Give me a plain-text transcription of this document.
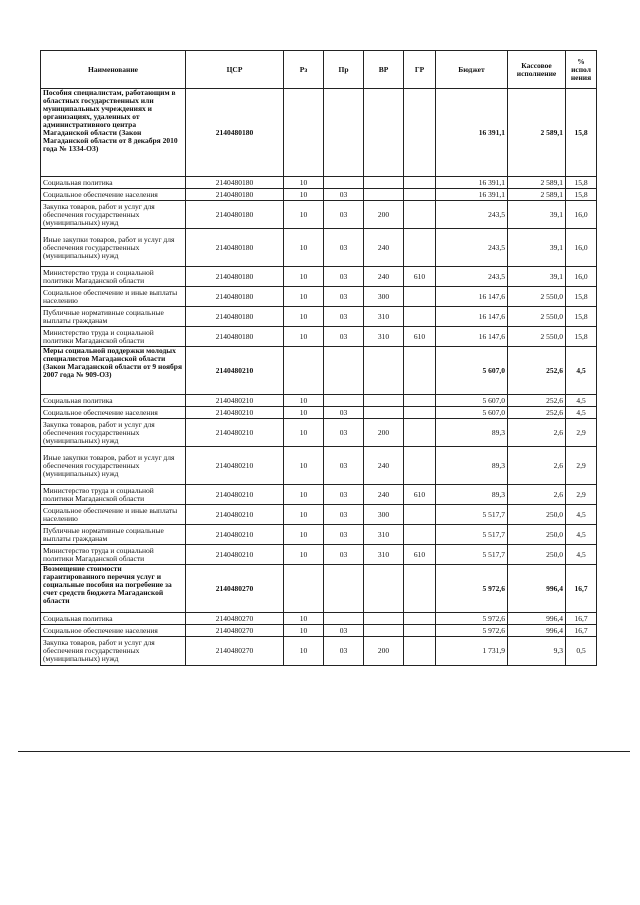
Наименование	ЦСР	Рз	Пр	ВР	ГР	Бюджет	Кассовое исполнение	% испол нения
Пособия специалистам, работающим в областных государственных или муниципальных учреждениях и организациях, удаленных от административного центра Магаданской области (Закон Магаданской области от 8 декабря 2010 года № 1334-ОЗ)	2140480180					16 391,1	2 589,1	15,8
Социальная политика	2140480180	10				16 391,1	2 589,1	15,8
Социальное обеспечение населения	2140480180	10	03			16 391,1	2 589,1	15,8
Закупка товаров, работ и услуг для обеспечения государственных (муниципальных) нужд	2140480180	10	03	200		243,5	39,1	16,0
Иные закупки товаров, работ и услуг для обеспечения государственных (муниципальных) нужд	2140480180	10	03	240		243,5	39,1	16,0
Министерство труда и социальной политики Магаданской области	2140480180	10	03	240	610	243,5	39,1	16,0
Социальное обеспечение и иные выплаты населению	2140480180	10	03	300		16 147,6	2 550,0	15,8
Публичные нормативные социальные выплаты гражданам	2140480180	10	03	310		16 147,6	2 550,0	15,8
Министерство труда и социальной политики Магаданской области	2140480180	10	03	310	610	16 147,6	2 550,0	15,8
Меры социальной поддержки молодых специалистов Магаданской области (Закон Магаданской области от 9 ноября 2007 года № 909-ОЗ)	2140480210					5 607,0	252,6	4,5
Социальная политика	2140480210	10				5 607,0	252,6	4,5
Социальное обеспечение населения	2140480210	10	03			5 607,0	252,6	4,5
Закупка товаров, работ и услуг для обеспечения государственных (муниципальных) нужд	2140480210	10	03	200		89,3	2,6	2,9
Иные закупки товаров, работ и услуг для обеспечения государственных (муниципальных) нужд	2140480210	10	03	240		89,3	2,6	2,9
Министерство труда и социальной политики Магаданской области	2140480210	10	03	240	610	89,3	2,6	2,9
Социальное обеспечение и иные выплаты населению	2140480210	10	03	300		5 517,7	250,0	4,5
Публичные нормативные социальные выплаты гражданам	2140480210	10	03	310		5 517,7	250,0	4,5
Министерство труда и социальной политики Магаданской области	2140480210	10	03	310	610	5 517,7	250,0	4,5
Возмещение стоимости гарантированного перечня услуг и социальные пособия на погребение за счет средств бюджета Магаданской области	2140480270					5 972,6	996,4	16,7
Социальная политика	2140480270	10				5 972,6	996,4	16,7
Социальное обеспечение населения	2140480270	10	03			5 972,6	996,4	16,7
Закупка товаров, работ и услуг для обеспечения государственных (муниципальных) нужд	2140480270	10	03	200		1 731,9	9,3	0,5
